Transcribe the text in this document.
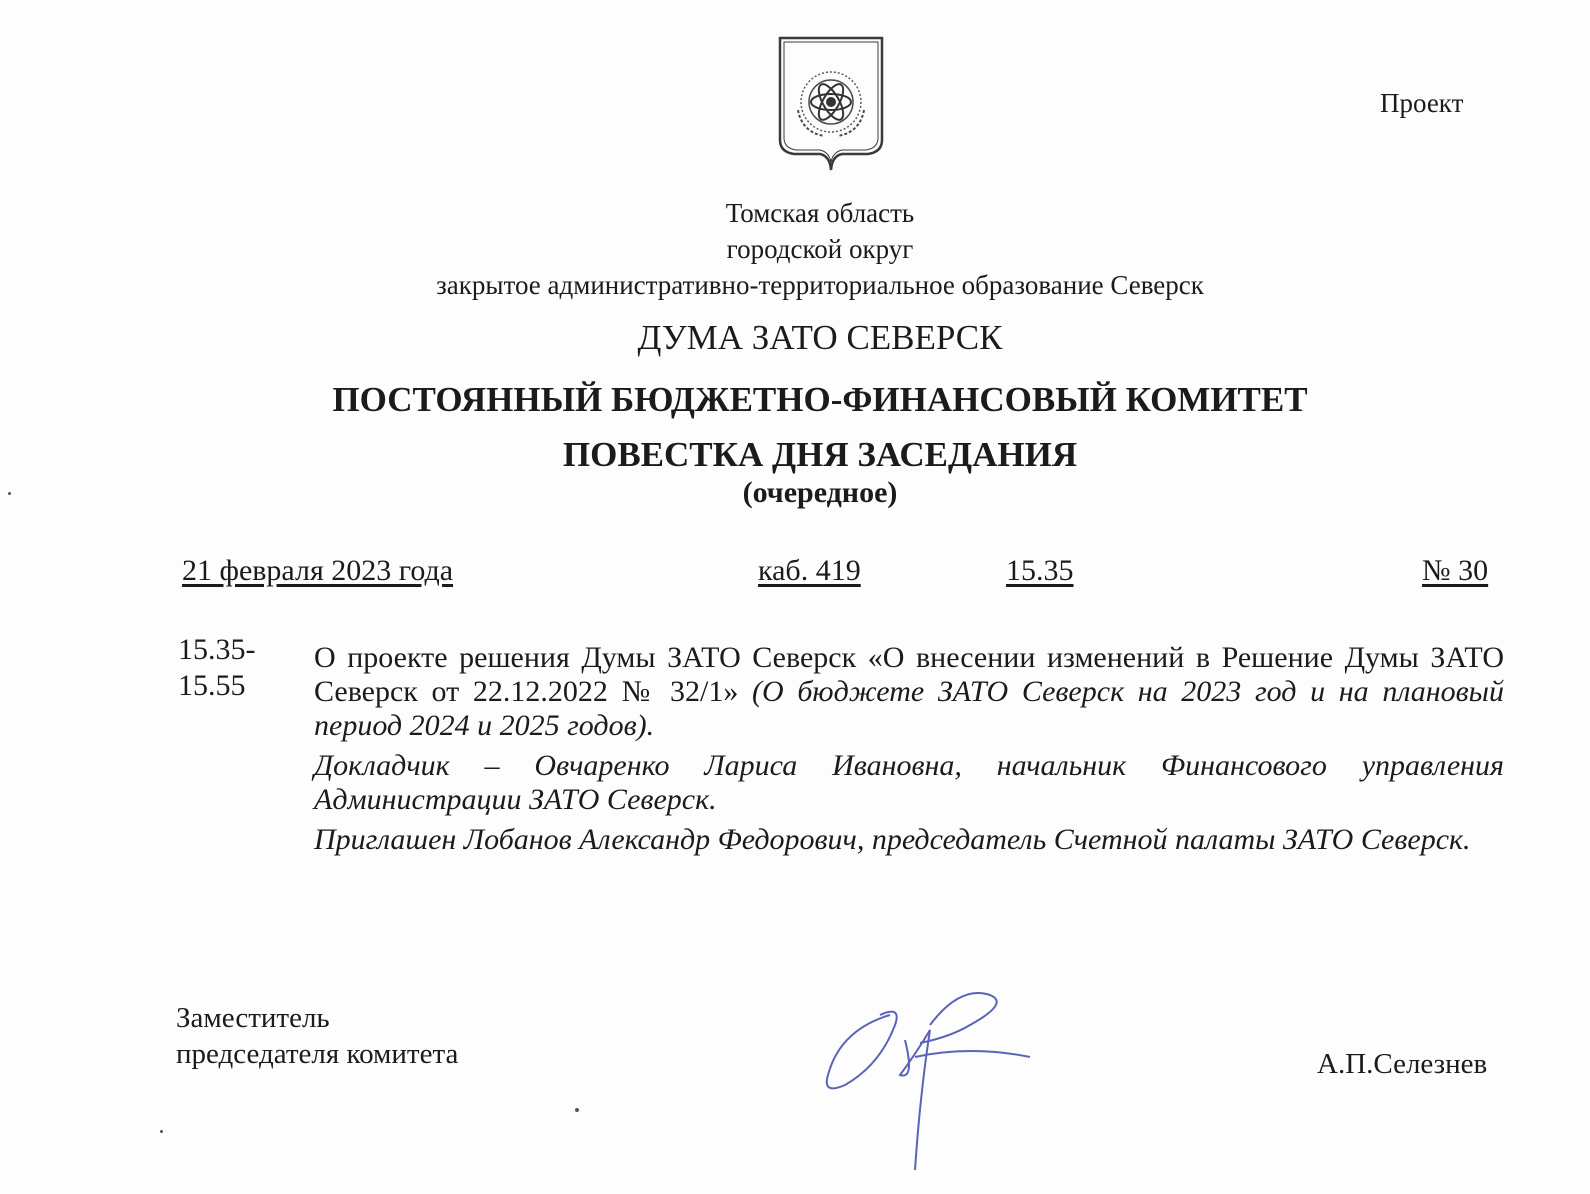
Проект
Томская область
городской округ
закрытое административно-территориальное образование Северск
ДУМА ЗАТО СЕВЕРСК
ПОСТОЯННЫЙ БЮДЖЕТНО-ФИНАНСОВЫЙ КОМИТЕТ
ПОВЕСТКА ДНЯ ЗАСЕДАНИЯ
(очередное)
21 февраля 2023 года	каб. 419	15.35	№ 30
15.35-
15.55

О проекте решения Думы ЗАТО Северск «О внесении изменений в Решение Думы ЗАТО Северск от 22.12.2022 № 32/1» (О бюджете ЗАТО Северск на 2023 год и на плановый период 2024 и 2025 годов).

Докладчик – Овчаренко Лариса Ивановна, начальник Финансового управления Администрации ЗАТО Северск.

Приглашен Лобанов Александр Федорович, председатель Счетной палаты ЗАТО Северск.

Заместитель
председателя комитета	А.П.Селезнев
